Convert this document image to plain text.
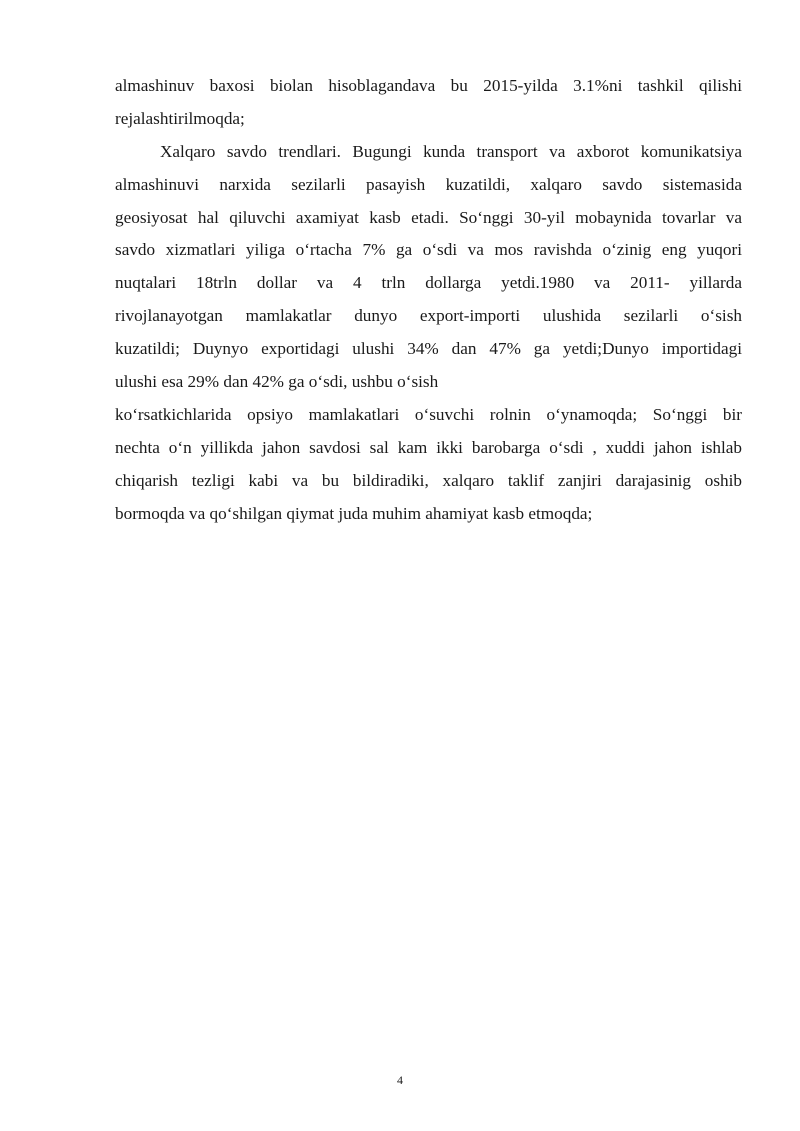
almashinuv baxosi biolan hisoblagandava bu 2015-yilda 3.1%ni tashkil qilishi
rejalashtirilmoqda;
Xalqaro savdo trendlari. Bugungi kunda transport va axborot komunikatsiya
almashinuvi narxida sezilarli pasayish kuzatildi, xalqaro savdo sistemasida
geosiyosat hal qiluvchi axamiyat kasb etadi. So‘nggi 30-yil mobaynida tovarlar va
savdo xizmatlari yiliga o‘rtacha 7% ga o‘sdi va mos ravishda o‘zinig eng yuqori
nuqtalari 18trln dollar va 4 trln dollarga yetdi.1980 va 2011- yillarda
rivojlanayotgan mamlakatlar dunyo export-importi ulushida sezilarli o‘sish
kuzatildi; Duynyo exportidagi ulushi 34% dan 47% ga yetdi;Dunyo importidagi
ulushi esa 29% dan 42% ga o‘sdi, ushbu o‘sish
ko‘rsatkichlarida opsiyo mamlakatlari o‘suvchi rolnin o‘ynamoqda; So‘nggi bir
nechta o‘n yillikda jahon savdosi sal kam ikki barobarga o‘sdi , xuddi jahon ishlab
chiqarish tezligi kabi va bu bildiradiki, xalqaro taklif zanjiri darajasinig oshib
bormoqda va qo‘shilgan qiymat juda muhim ahamiyat kasb etmoqda;
4
